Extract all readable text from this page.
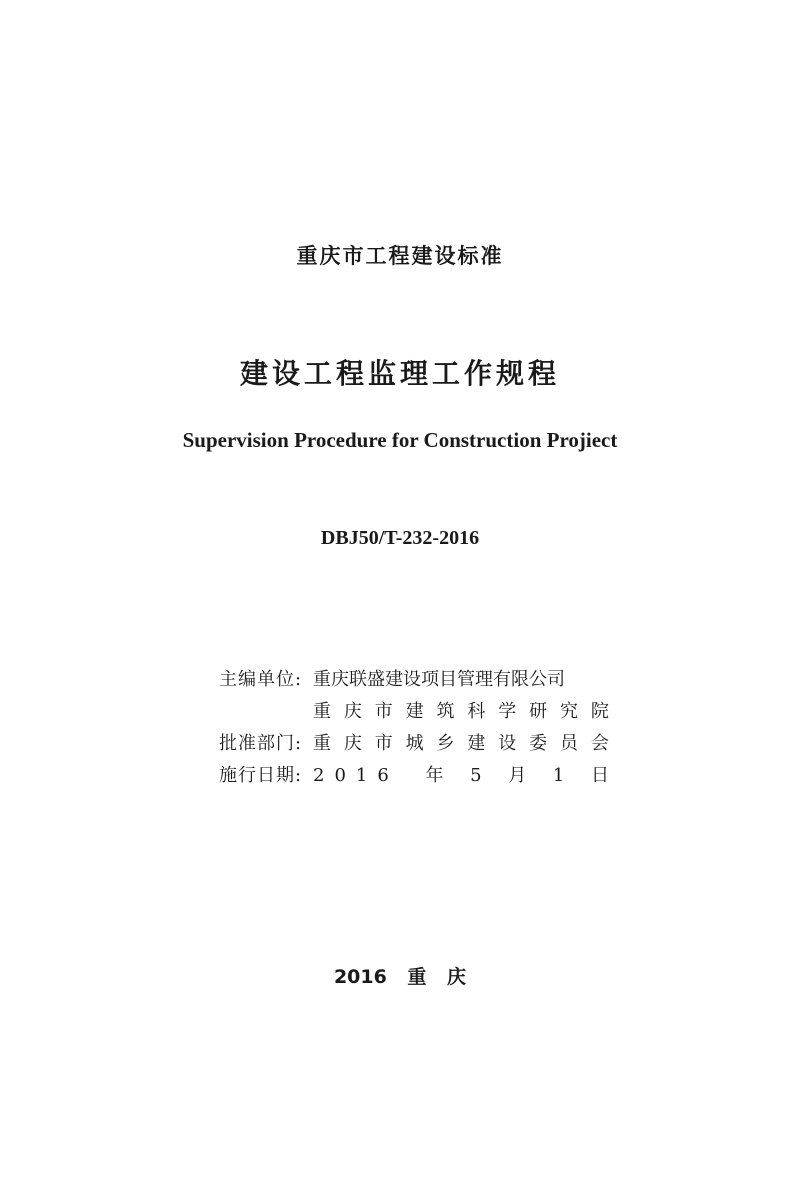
重庆市工程建设标准
建设工程监理工作规程
Supervision Procedure for Construction Projiect
DBJ50/T-232-2016
主编单位: 重庆联盛建设项目管理有限公司
重 庆 市 建 筑 科 学 研 究 院
批准部门: 重 庆 市 城 乡 建 设 委 员 会
施行日期: 2016 年 5 月 1 日
2016 重 庆
